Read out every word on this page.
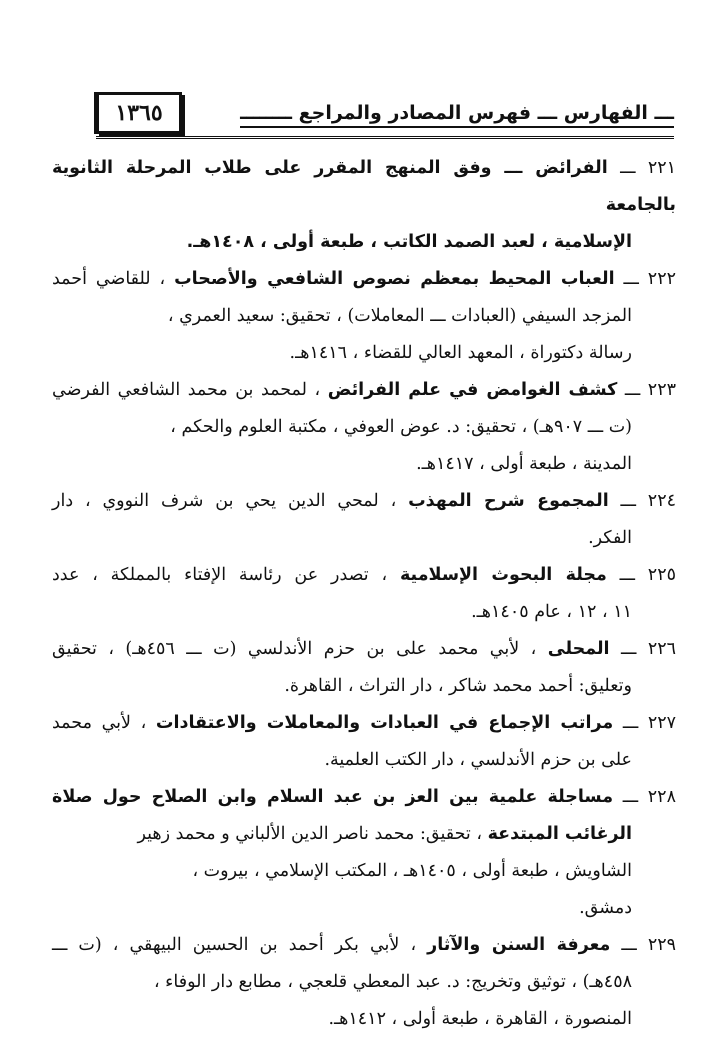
١٣٦٥	ـــ الفهارس ـــ فهرس المصادر والمراجع ــــــــ
٢٢١ ـــ الفرائض ـــ وفق المنهج المقرر على طلاب المرحلة الثانوية بالجامعة
الإسلامية ، لعبد الصمد الكاتب ، طبعة أولى ، ١٤٠٨هـ.
٢٢٢ ـــ العباب المحيط بمعظم نصوص الشافعي والأصحاب ، للقاضي أحمد
المزجد السيفي (العبادات ـــ المعاملات) ، تحقيق: سعيد العمري ،
رسالة دكتوراة ، المعهد العالي للقضاء ، ١٤١٦هـ.
٢٢٣ ـــ كشف الغوامض في علم الفرائض ، لمحمد بن محمد الشافعي الفرضي
(ت ـــ ٩٠٧هـ) ، تحقيق: د. عوض العوفي ، مكتبة العلوم والحكم ،
المدينة ، طبعة أولى ، ١٤١٧هـ.
٢٢٤ ـــ المجموع شرح المهذب ، لمحي الدين يحي بن شرف النووي ، دار
الفكر.
٢٢٥ ـــ مجلة البحوث الإسلامية ، تصدر عن رئاسة الإفتاء بالمملكة ، عدد
١١ ، ١٢ ، عام ١٤٠٥هـ.
٢٢٦ ـــ المحلى ، لأبي محمد على بن حزم الأندلسي (ت ـــ ٤٥٦هـ) ، تحقيق
وتعليق: أحمد محمد شاكر ، دار التراث ، القاهرة.
٢٢٧ ـــ مراتب الإجماع في العبادات والمعاملات والاعتقادات ، لأبي محمد
على بن حزم الأندلسي ، دار الكتب العلمية.
٢٢٨ ـــ مساجلة علمية بين العز بن عبد السلام وابن الصلاح حول صلاة
الرغائب المبتدعة ، تحقيق: محمد ناصر الدين الألباني و محمد زهير
الشاويش ، طبعة أولى ، ١٤٠٥هـ ، المكتب الإسلامي ، بيروت ،
دمشق.
٢٢٩ ـــ معرفة السنن والآثار ، لأبي بكر أحمد بن الحسين البيهقي ، (ت ـــ
٤٥٨هـ) ، توثيق وتخريج: د. عبد المعطي قلعجي ، مطابع دار الوفاء ،
المنصورة ، القاهرة ، طبعة أولى ، ١٤١٢هـ.
